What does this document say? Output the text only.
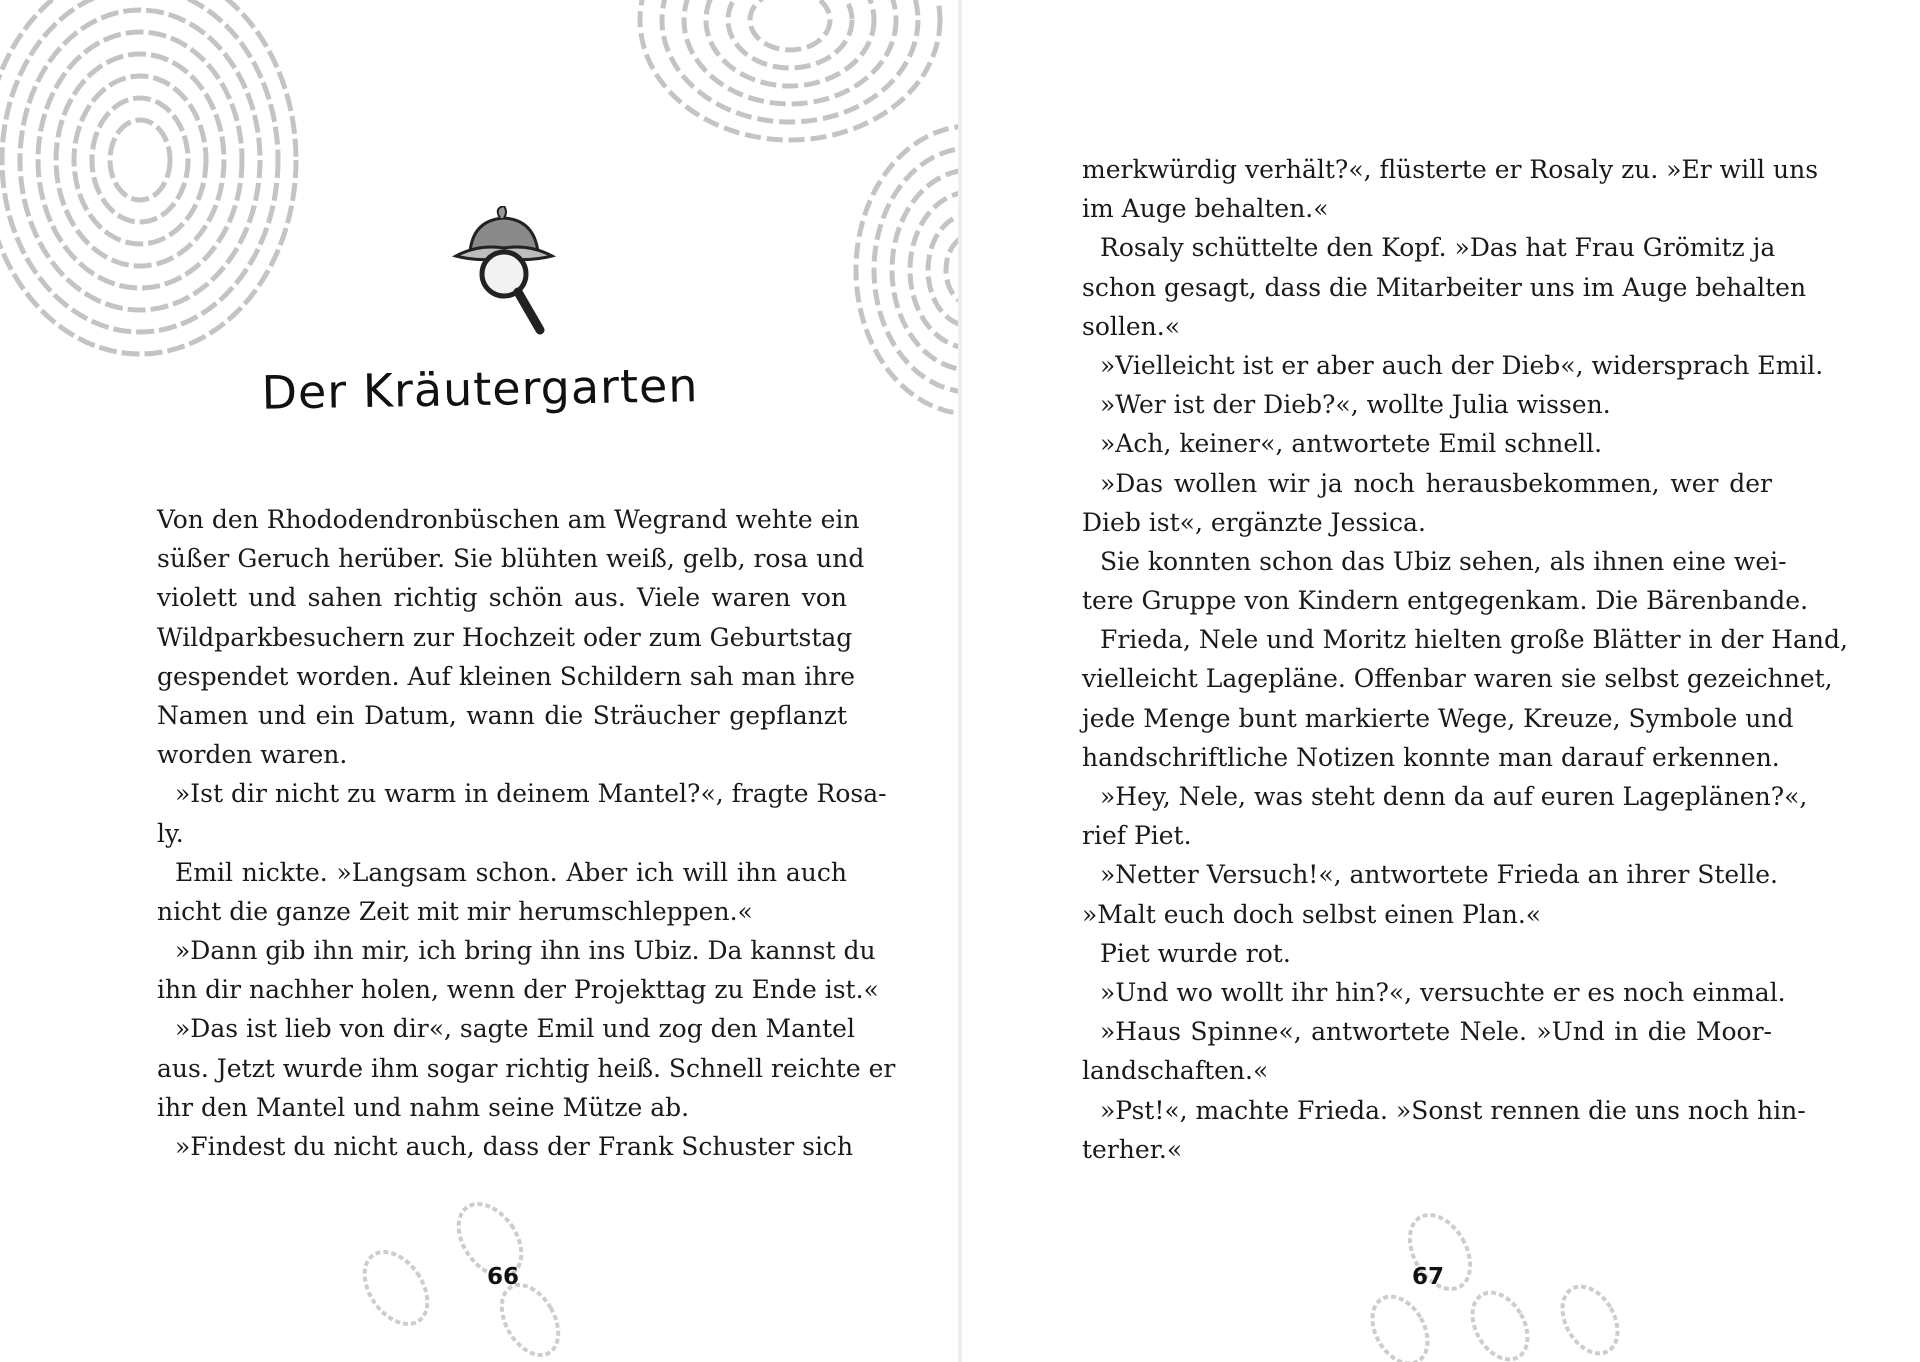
Der Kräutergarten
Von den Rhododendronbüschen am Wegrand wehte ein
süßer Geruch herüber. Sie blühten weiß, gelb, rosa und
violett und sahen richtig schön aus. Viele waren von
Wildparkbesuchern zur Hochzeit oder zum Geburtstag
gespendet worden. Auf kleinen Schildern sah man ihre
Namen und ein Datum, wann die Sträucher gepflanzt
worden waren.
»Ist dir nicht zu warm in deinem Mantel?«, fragte Rosa-
ly.
Emil nickte. »Langsam schon. Aber ich will ihn auch
nicht die ganze Zeit mit mir herumschleppen.«
»Dann gib ihn mir, ich bring ihn ins Ubiz. Da kannst du
ihn dir nachher holen, wenn der Projekttag zu Ende ist.«
»Das ist lieb von dir«, sagte Emil und zog den Mantel
aus. Jetzt wurde ihm sogar richtig heiß. Schnell reichte er
ihr den Mantel und nahm seine Mütze ab.
»Findest du nicht auch, dass der Frank Schuster sich
66
merkwürdig verhält?«, flüsterte er Rosaly zu. »Er will uns
im Auge behalten.«
Rosaly schüttelte den Kopf. »Das hat Frau Grömitz ja
schon gesagt, dass die Mitarbeiter uns im Auge behalten
sollen.«
»Vielleicht ist er aber auch der Dieb«, widersprach Emil.
»Wer ist der Dieb?«, wollte Julia wissen.
»Ach, keiner«, antwortete Emil schnell.
»Das wollen wir ja noch herausbekommen, wer der
Dieb ist«, ergänzte Jessica.
Sie konnten schon das Ubiz sehen, als ihnen eine wei-
tere Gruppe von Kindern entgegenkam. Die Bärenbande.
Frieda, Nele und Moritz hielten große Blätter in der Hand,
vielleicht Lagepläne. Offenbar waren sie selbst gezeichnet,
jede Menge bunt markierte Wege, Kreuze, Symbole und
handschriftliche Notizen konnte man darauf erkennen.
»Hey, Nele, was steht denn da auf euren Lageplänen?«,
rief Piet.
»Netter Versuch!«, antwortete Frieda an ihrer Stelle.
»Malt euch doch selbst einen Plan.«
Piet wurde rot.
»Und wo wollt ihr hin?«, versuchte er es noch einmal.
»Haus Spinne«, antwortete Nele. »Und in die Moor-
landschaften.«
»Pst!«, machte Frieda. »Sonst rennen die uns noch hin-
terher.«
67
